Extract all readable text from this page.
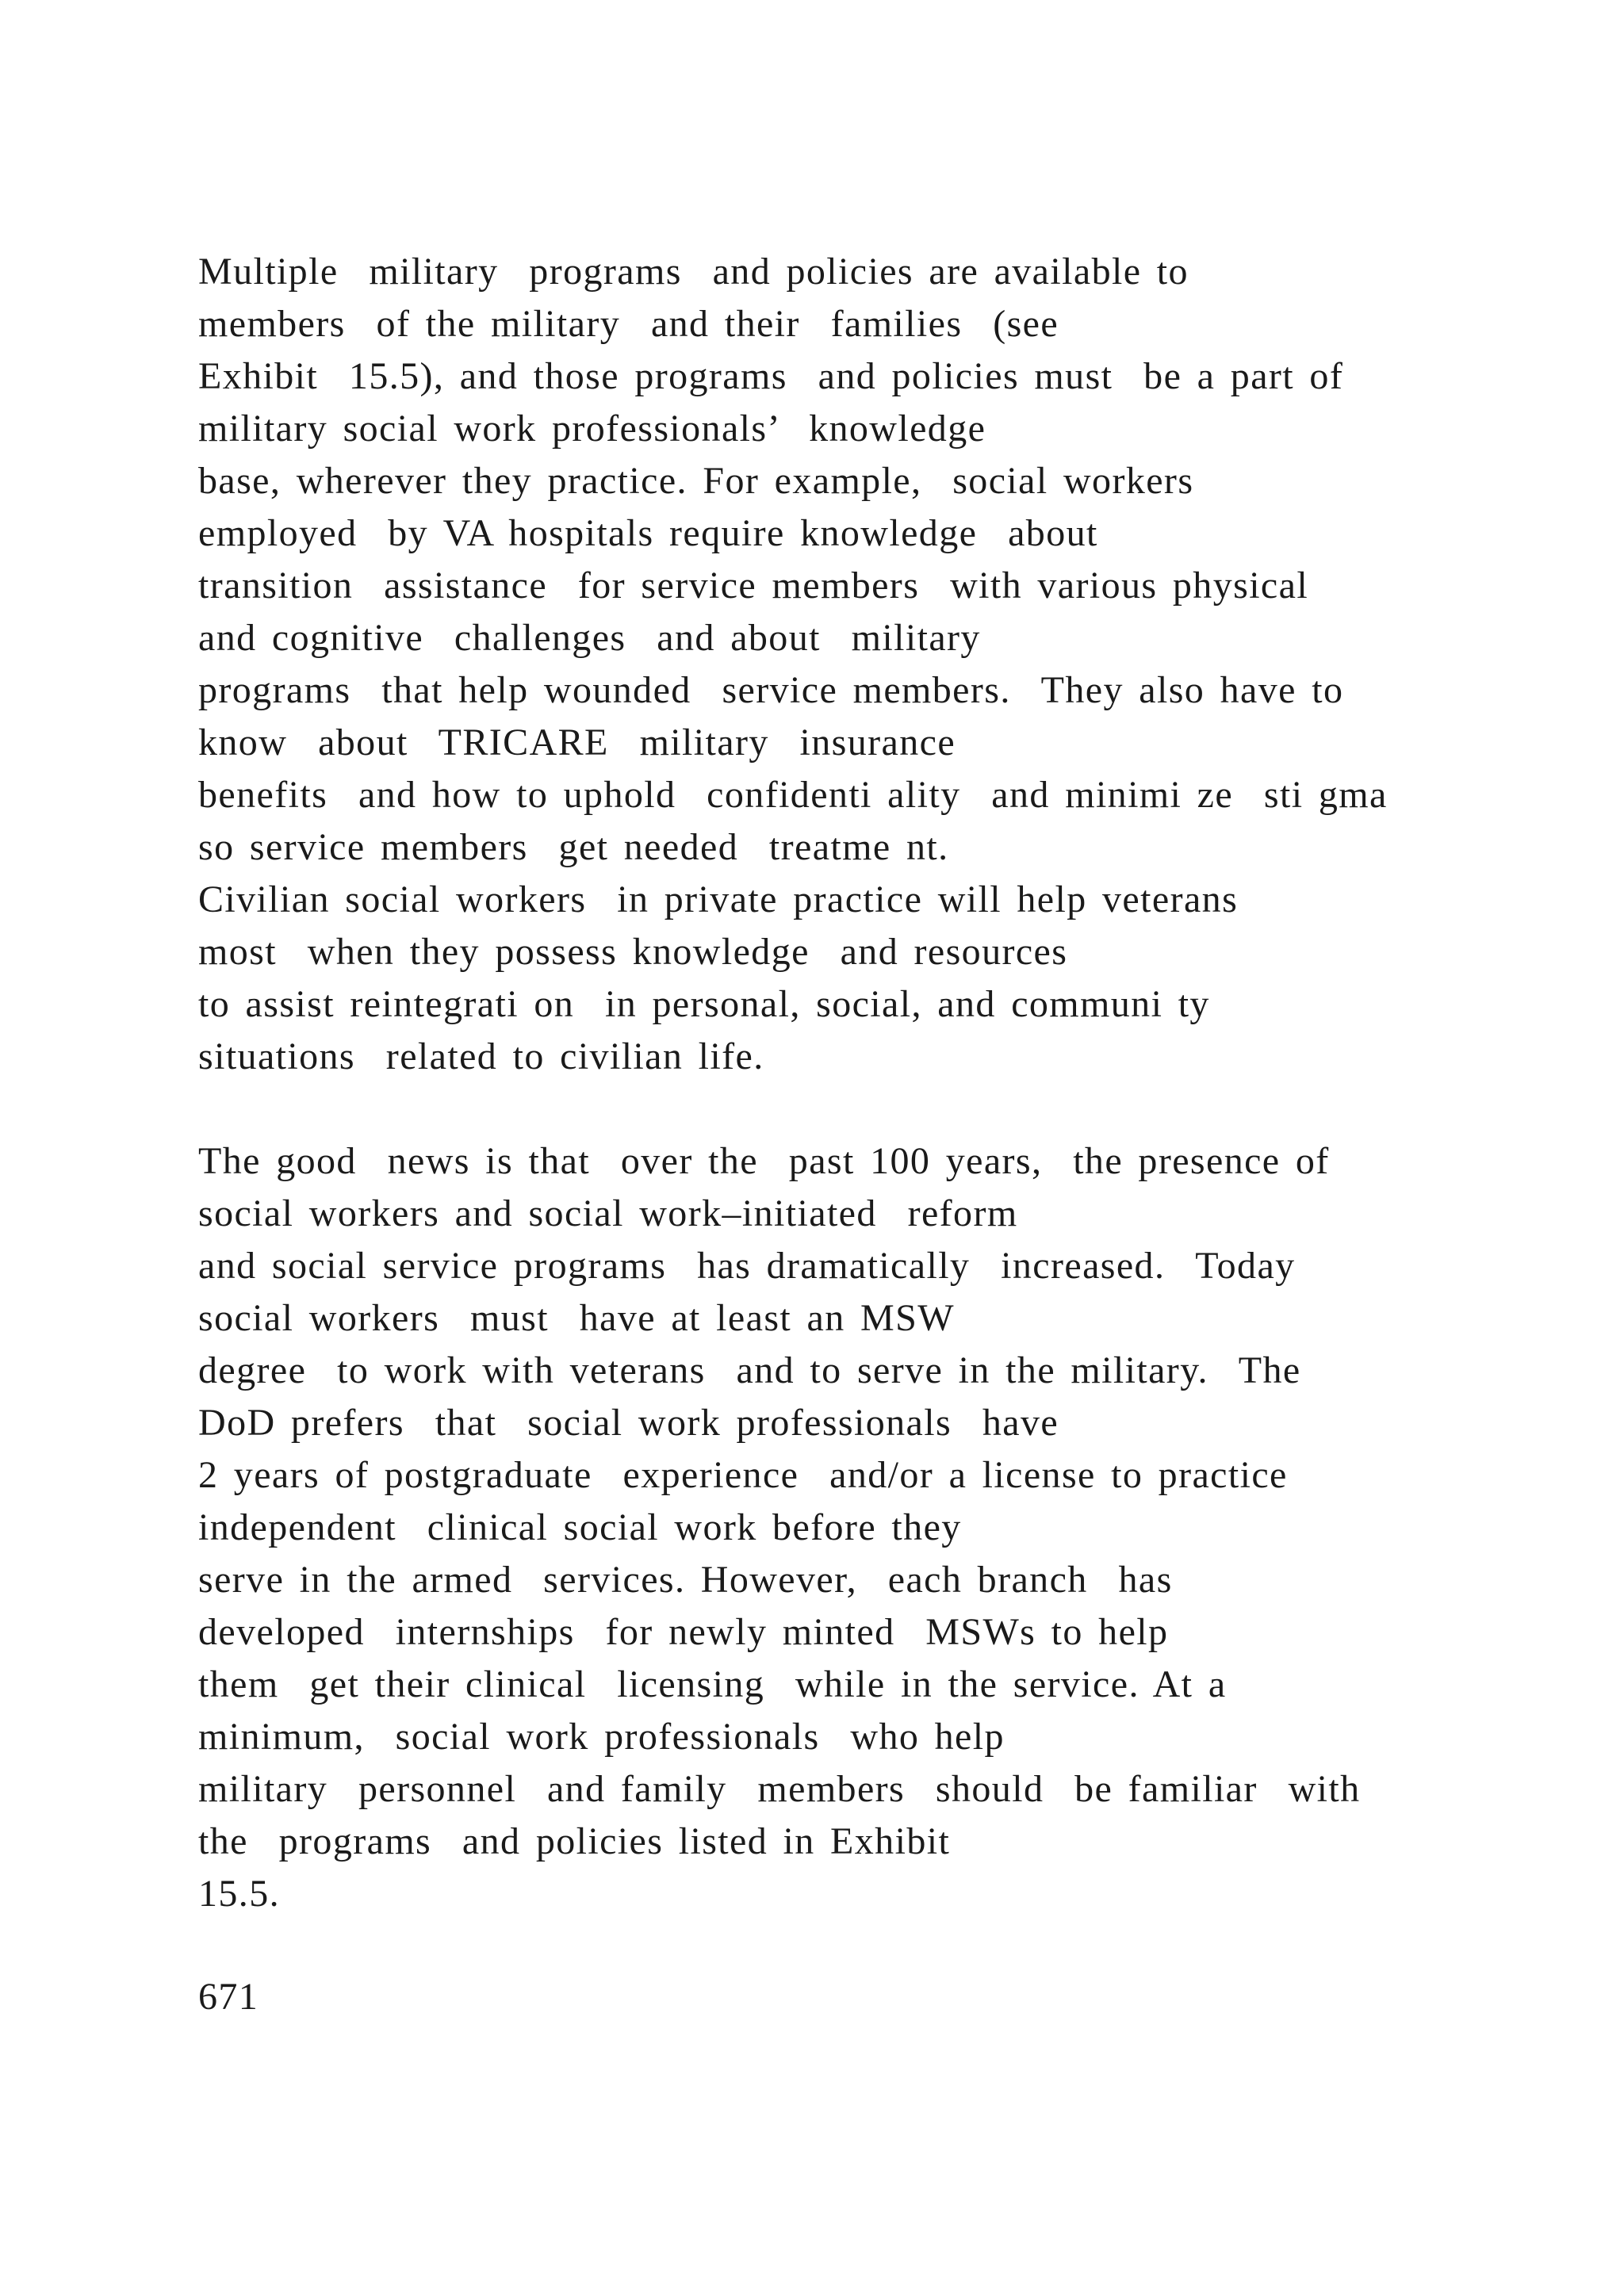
Multiple  military  programs  and policies are available to
members  of the military  and their  families  (see
Exhibit  15.5), and those programs  and policies must  be a part of
military social work professionals’  knowledge
base, wherever they practice. For example,  social workers
employed  by VA hospitals require knowledge  about
transition  assistance  for service members  with various physical
and cognitive  challenges  and about  military
programs  that help wounded  service members.  They also have to
know  about  TRICARE  military  insurance
benefits  and how to uphold  confidenti ality  and minimi ze  sti gma
so service members  get needed  treatme nt.
Civilian social workers  in private practice will help veterans
most  when they possess knowledge  and resources
to assist reintegrati on  in personal, social, and communi ty
situations  related to civilian life.
The good  news is that  over the  past 100 years,  the presence of
social workers and social work–initiated  reform
and social service programs  has dramatically  increased.  Today
social workers  must  have at least an MSW
degree  to work with veterans  and to serve in the military.  The
DoD prefers  that  social work professionals  have
2 years of postgraduate  experience  and/or a license to practice
independent  clinical social work before they
serve in the armed  services. However,  each branch  has
developed  internships  for newly minted  MSWs to help
them  get their clinical  licensing  while in the service. At a
minimum,  social work professionals  who help
military  personnel  and family  members  should  be familiar  with
the  programs  and policies listed in Exhibit
15.5.
671
